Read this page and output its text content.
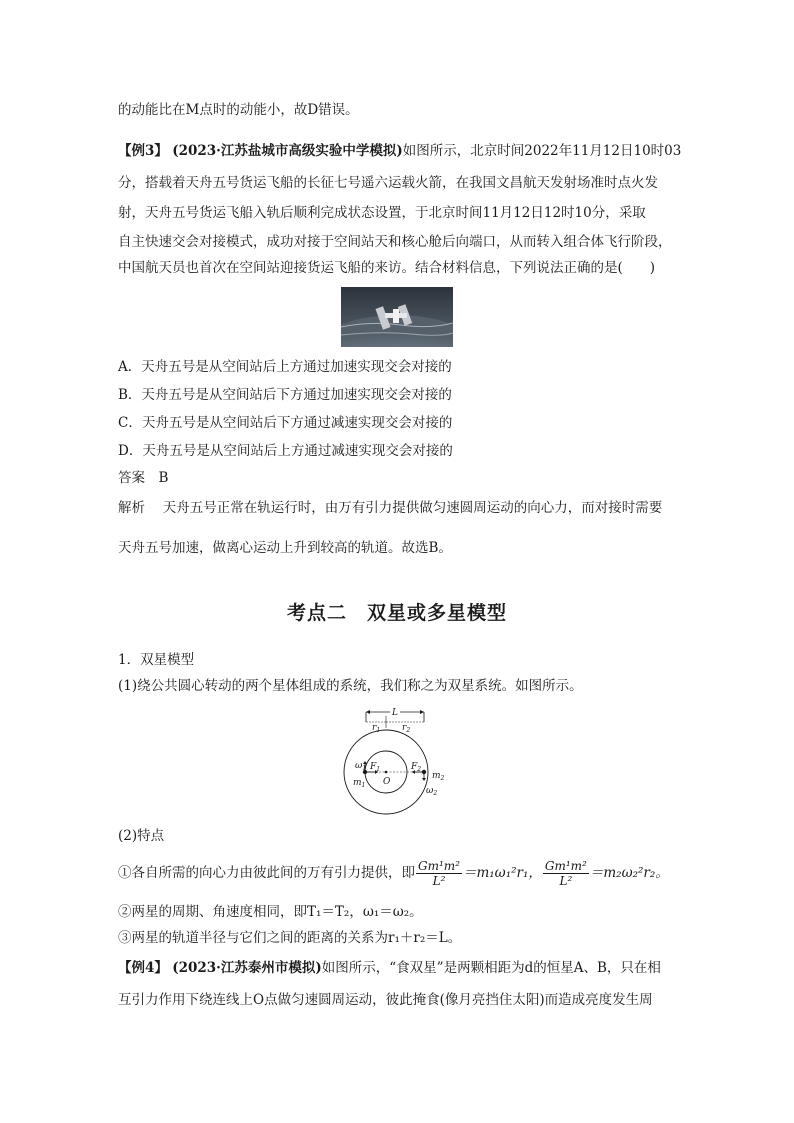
的动能比在M点时的动能小，故D错误。
【例3】 (2023·江苏盐城市高级实验中学模拟)如图所示，北京时间2022年11月12日10时03
分，搭载着天舟五号货运飞船的长征七号遥六运载火箭，在我国文昌航天发射场准时点火发
射，天舟五号货运飞船入轨后顺利完成状态设置，于北京时间11月12日12时10分，采取
自主快速交会对接模式，成功对接于空间站天和核心舱后向端口，从而转入组合体飞行阶段，
中国航天员也首次在空间站迎接货运飞船的来访。结合材料信息，下列说法正确的是(　　)
A．天舟五号是从空间站后上方通过加速实现交会对接的
B．天舟五号是从空间站后下方通过加速实现交会对接的
C．天舟五号是从空间站后下方通过减速实现交会对接的
D．天舟五号是从空间站后上方通过减速实现交会对接的
答案　B
解析　 天舟五号正常在轨运行时，由万有引力提供做匀速圆周运动的向心力，而对接时需要
天舟五号加速，做离心运动上升到较高的轨道。故选B。
考点二　双星或多星模型
1．双星模型
(1)绕公共圆心转动的两个星体组成的系统，我们称之为双星系统。如图所示。
L
$r_1$ $r_2$
$\omega_1$ $F_1$	$F_2$
O
$m_1$
$m_2$
$\omega_2$
(2)特点
①各自所需的向心力由彼此间的万有引力提供，即 $\frac{\text{Gm¹m²}}{\text{L²}} =m_1\omega_1^2r_1$， $\frac{\text{Gm¹m²}}{\text{L²}} =m_2\omega_2^2r_2$。
②两星的周期、角速度相同，即T₁＝T₂，ω₁＝ω₂。
③两星的轨道半径与它们之间的距离的关系为r₁＋r₂＝L。
【例4】 (2023·江苏泰州市模拟)如图所示，“食双星”是两颗相距为d的恒星A、B，只在相
互引力作用下绕连线上O点做匀速圆周运动，彼此掩食(像月亮挡住太阳)而造成亮度发生周
